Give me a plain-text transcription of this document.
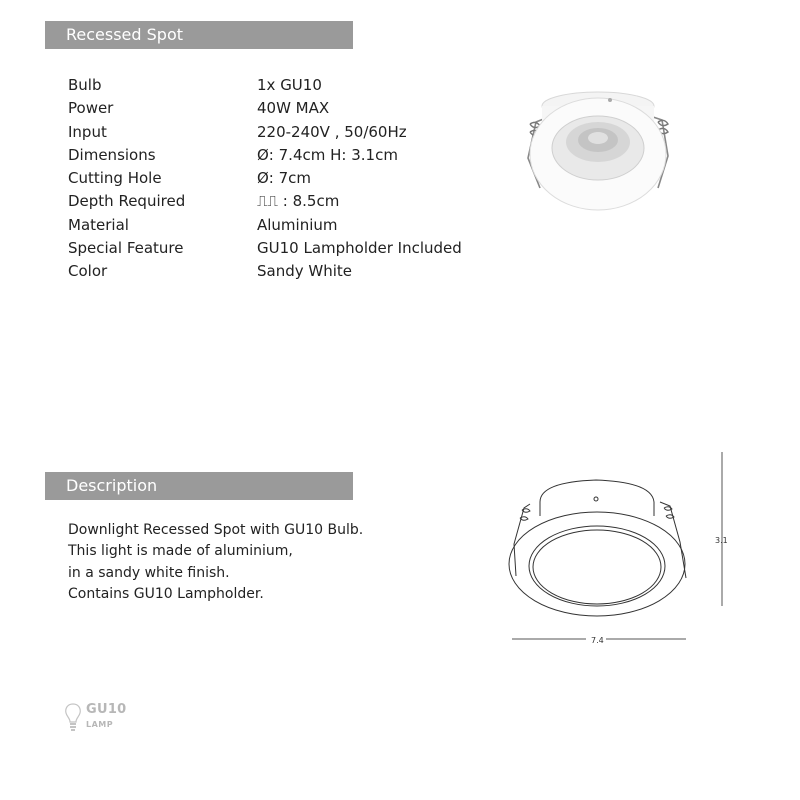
Recessed Spot
Bulb	1x GU10
Power	40W MAX
Input	220-240V , 50/60Hz
Dimensions	Ø: 7.4cm H: 3.1cm
Cutting Hole	Ø: 7cm
Depth Required	⎍⎍ : 8.5cm
Material	Aluminium
Special Feature	GU10 Lampholder Included
Color	Sandy White
Description
Downlight Recessed Spot with GU10 Bulb.
This light is made of aluminium,
in a sandy white finish.
Contains GU10 Lampholder.
3.1
7.4
GU10
LAMP
